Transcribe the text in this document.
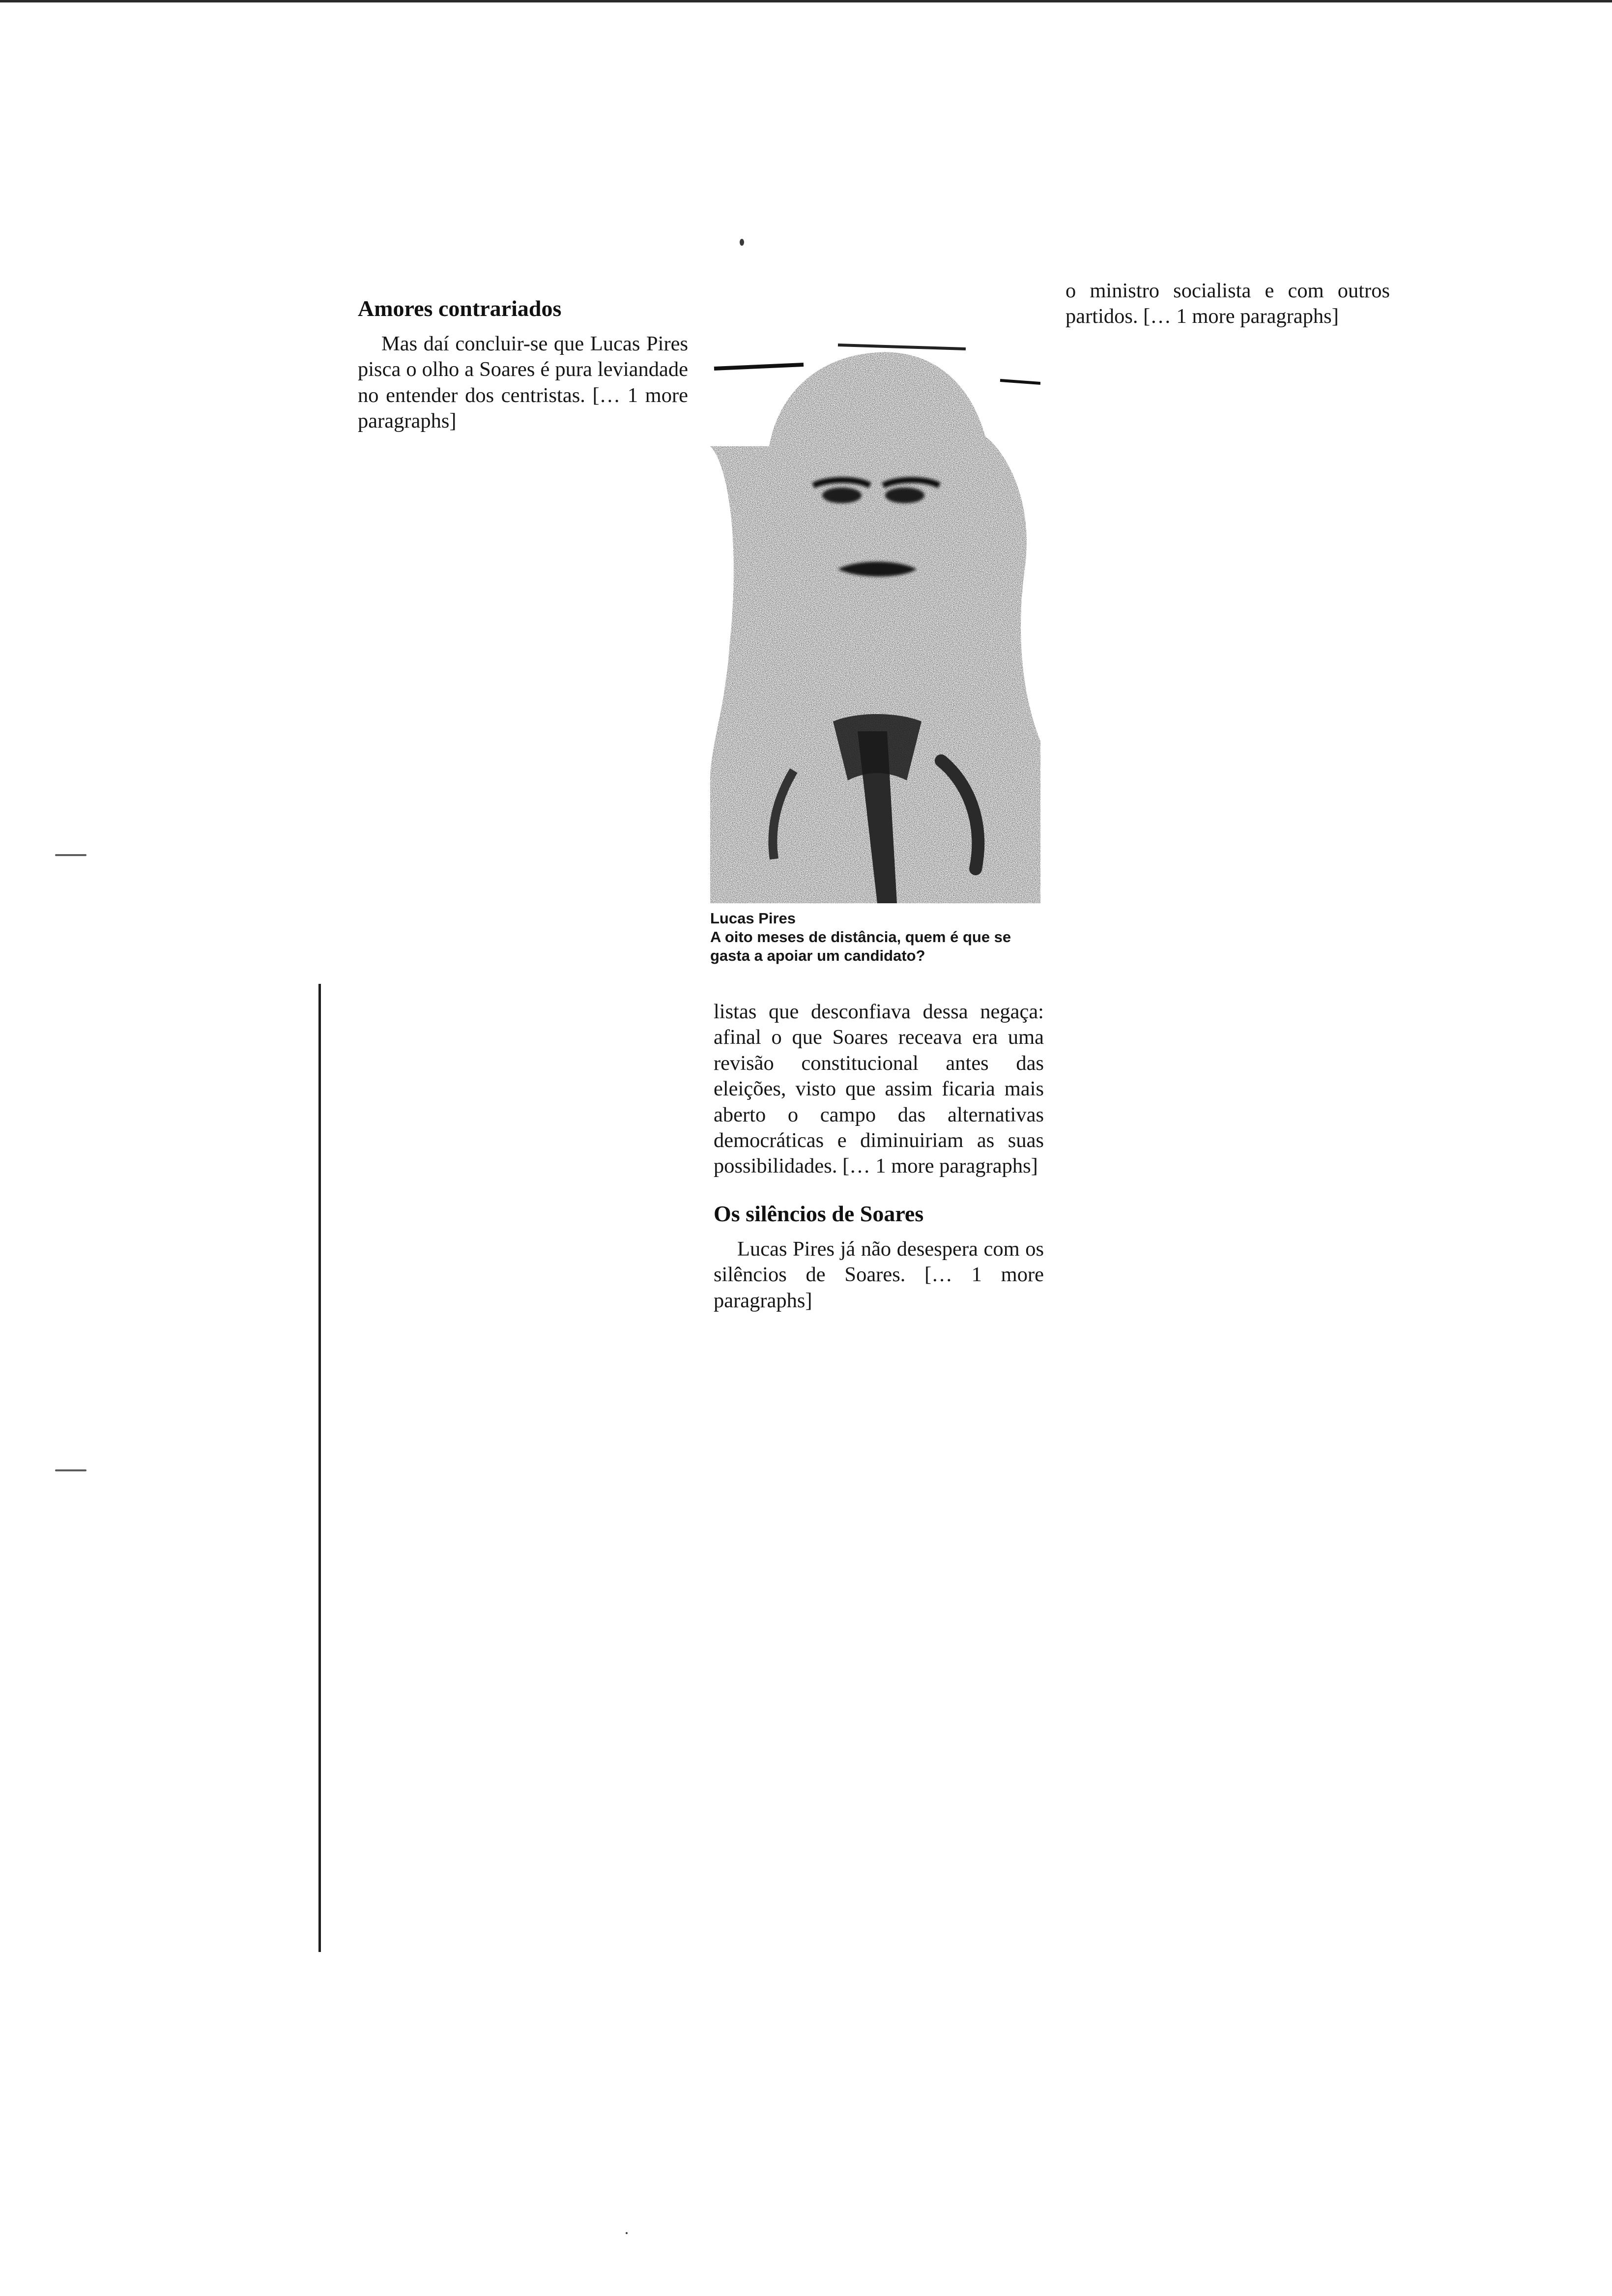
Amores contrariados

Mas daí concluir-se que Lucas Pires pisca o olho a Soares é pura leviandade no entender dos centristas. [… 1 more paragraphs]

Lucas Pires
A oito meses de distância, quem é que se gasta a apoiar um candidato?

listas que desconfiava dessa negaça: afinal o que Soares receava era uma revisão constitucional antes das eleições, visto que assim ficaria mais aberto o campo das alternativas democráticas e diminuiriam as suas possibilidades. [… 1 more paragraphs]

Os silêncios de Soares

Lucas Pires já não desespera com os silêncios de Soares. [… 1 more paragraphs]

o ministro socialista e com outros partidos. [… 1 more paragraphs]
